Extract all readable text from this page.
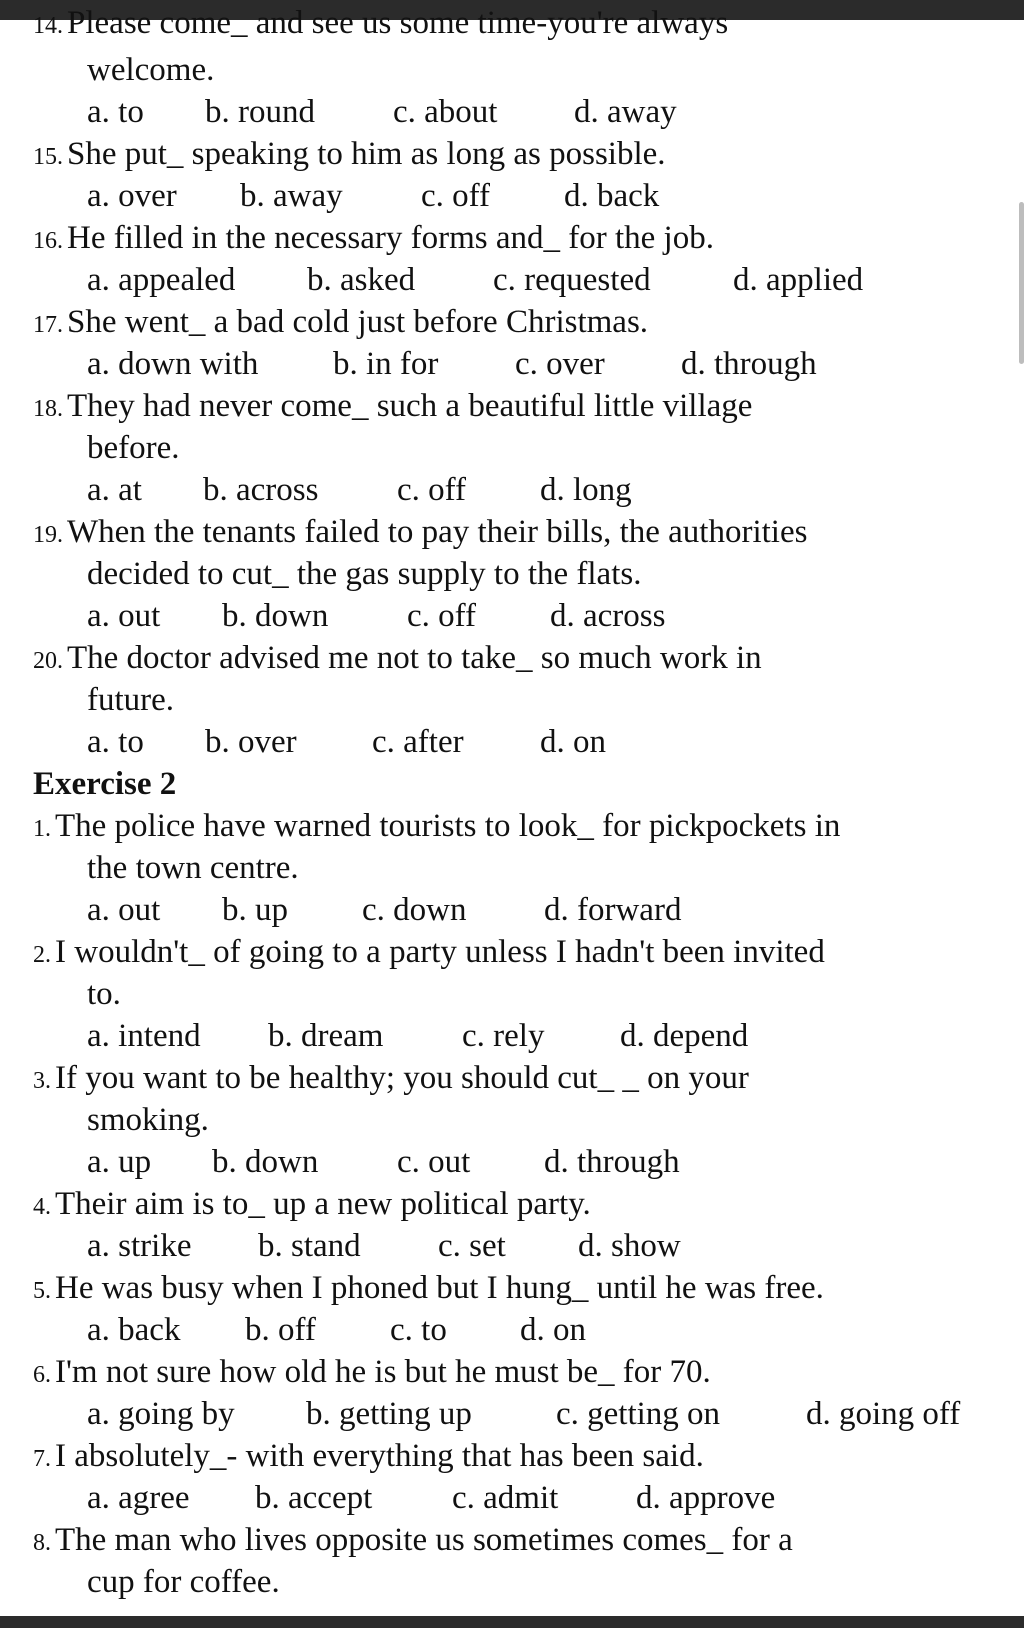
14. Please come_ and see us some time-you're always
welcome.
a. to b. round c. about d. away
15. She put_ speaking to him as long as possible.
a. over b. away c. off d. back
16. He filled in the necessary forms and_ for the job.
a. appealed b. asked c. requested d. applied
17. She went_ a bad cold just before Christmas.
a. down with b. in for c. over d. through
18. They had never come_ such a beautiful little village
before.
a. at b. across c. off d. long
19. When the tenants failed to pay their bills, the authorities
decided to cut_ the gas supply to the flats.
a. out b. down c. off d. across
20. The doctor advised me not to take_ so much work in
future.
a. to b. over c. after d. on
Exercise 2
1. The police have warned tourists to look_ for pickpockets in
the town centre.
a. out b. up c. down d. forward
2. I wouldn't_ of going to a party unless I hadn't been invited
to.
a. intend b. dream c. rely d. depend
3. If you want to be healthy; you should cut_ _ on your
smoking.
a. up b. down c. out d. through
4. Their aim is to_ up a new political party.
a. strike b. stand c. set d. show
5. He was busy when I phoned but I hung_ until he was free.
a. back b. off c. to d. on
6. I'm not sure how old he is but he must be_ for 70.
a. going by b. getting up	c. getting on	d. going off
7. I absolutely_- with everything that has been said.
a. agree b. accept c. admit d. approve
8. The man who lives opposite us sometimes comes_ for a
cup for coffee.
